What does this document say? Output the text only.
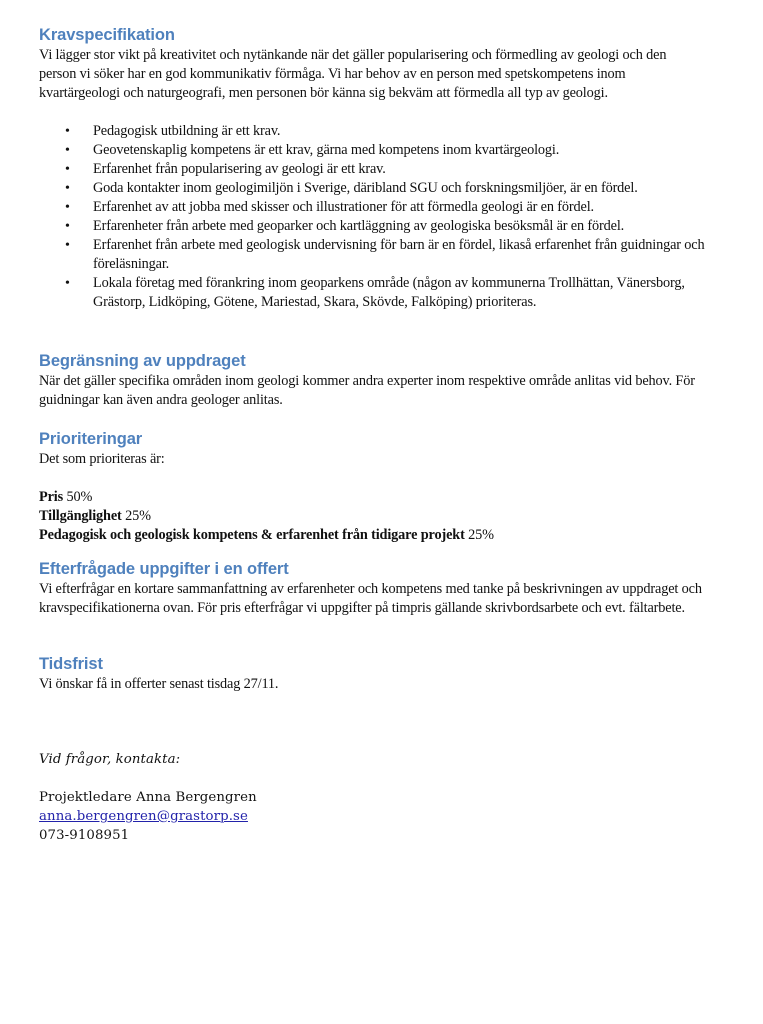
Kravspecifikation

Vi lägger stor vikt på kreativitet och nytänkande när det gäller popularisering och förmedling av geologi och den person vi söker har en god kommunikativ förmåga. Vi har behov av en person med spetskompetens inom kvartärgeologi och naturgeografi, men personen bör känna sig bekväm att förmedla all typ av geologi.

• Pedagogisk utbildning är ett krav.
• Geovetenskaplig kompetens är ett krav, gärna med kompetens inom kvartärgeologi.
• Erfarenhet från popularisering av geologi är ett krav.
• Goda kontakter inom geologimiljön i Sverige, däribland SGU och forskningsmiljöer, är en fördel.
• Erfarenhet av att jobba med skisser och illustrationer för att förmedla geologi är en fördel.
• Erfarenheter från arbete med geoparker och kartläggning av geologiska besöksmål är en fördel.
• Erfarenhet från arbete med geologisk undervisning för barn är en fördel, likaså erfarenhet från guidningar och föreläsningar.
• Lokala företag med förankring inom geoparkens område (någon av kommunerna Trollhättan, Vänersborg, Grästorp, Lidköping, Götene, Mariestad, Skara, Skövde, Falköping) prioriteras.
Begränsning av uppdraget

När det gäller specifika områden inom geologi kommer andra experter inom respektive område anlitas vid behov. För guidningar kan även andra geologer anlitas.

Prioriteringar

Det som prioriteras är:

Pris 50%

Tillgänglighet 25%

Pedagogisk och geologisk kompetens & erfarenhet från tidigare projekt 25%

Efterfrågade uppgifter i en offert

Vi efterfrågar en kortare sammanfattning av erfarenheter och kompetens med tanke på beskrivningen av uppdraget och kravspecifikationerna ovan. För pris efterfrågar vi uppgifter på timpris gällande skrivbordsarbete och evt. fältarbete.

Tidsfrist

Vi önskar få in offerter senast tisdag 27/11.

Vid frågor, kontakta:

Projektledare Anna Bergengren

anna.bergengren@grastorp.se

073-9108951
